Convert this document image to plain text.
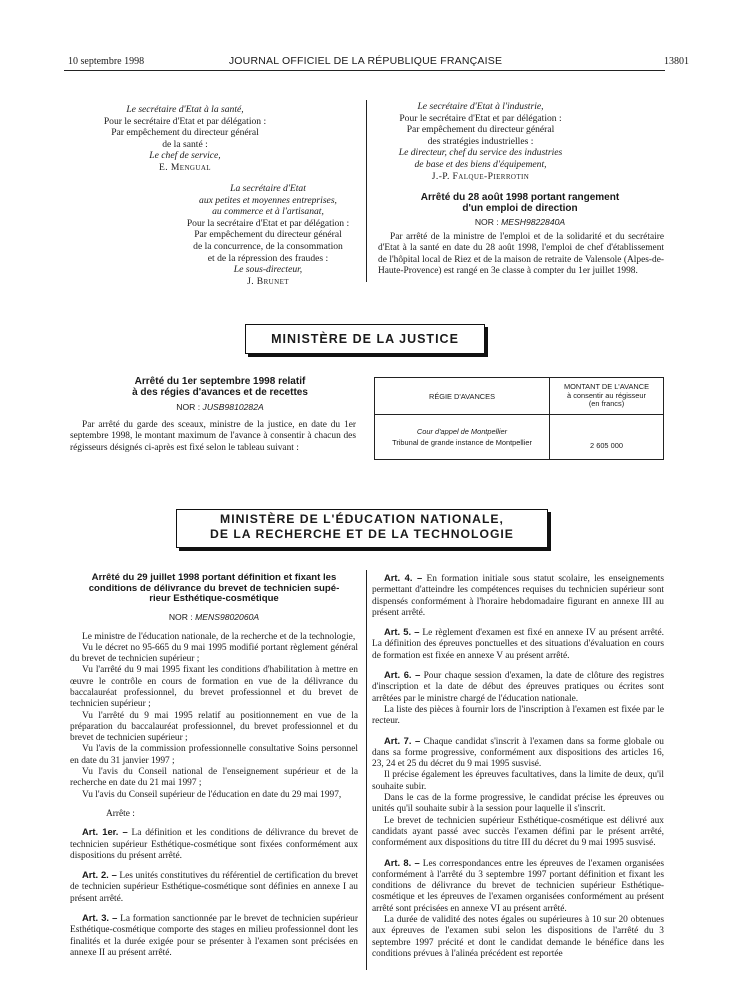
10 septembre 1998	JOURNAL OFFICIEL DE LA RÉPUBLIQUE FRANÇAISE	13801
Le secrétaire d'Etat à la santé,
Pour le secrétaire d'Etat et par délégation :
Par empêchement du directeur général
de la santé :
Le chef de service,
E. Mengual
La secrétaire d'Etat
aux petites et moyennes entreprises,
au commerce et à l'artisanat,
Pour la secrétaire d'Etat et par délégation :
Par empêchement du directeur général
de la concurrence, de la consommation
et de la répression des fraudes :
Le sous-directeur,
J. Brunet
Le secrétaire d'Etat à l'industrie,
Pour le secrétaire d'Etat et par délégation :
Par empêchement du directeur général
des stratégies industrielles :
Le directeur, chef du service des industries
de base et des biens d'équipement,
J.-P. Falque-Pierrotin
Arrêté du 28 août 1998 portant rangement
d'un emploi de direction
NOR : MESH9822840A

Par arrêté de la ministre de l'emploi et de la solidarité et du secrétaire d'Etat à la santé en date du 28 août 1998, l'emploi de chef d'établissement de l'hôpital local de Riez et de la maison de retraite de Valensole (Alpes-de-Haute-Provence) est rangé en 3e classe à compter du 1er juillet 1998.

MINISTÈRE DE LA JUSTICE
Arrêté du 1er septembre 1998 relatif
à des régies d'avances et de recettes
NOR : JUSB9810282A

Par arrêté du garde des sceaux, ministre de la justice, en date du 1er septembre 1998, le montant maximum de l'avance à consentir à chacun des régisseurs désignés ci-après est fixé selon le tableau suivant :

RÉGIE D'AVANCES	MONTANT DE L'AVANCE
à consentir au régisseur
(en francs)

Cour d'appel de Montpellier
Tribunal de grande instance de Montpellier	2 605 000
MINISTÈRE DE L'ÉDUCATION NATIONALE,
DE LA RECHERCHE ET DE LA TECHNOLOGIE
Arrêté du 29 juillet 1998 portant définition et fixant les
conditions de délivrance du brevet de technicien supé-
rieur Esthétique-cosmétique
NOR : MENS9802060A

Le ministre de l'éducation nationale, de la recherche et de la technologie,

Vu le décret no 95-665 du 9 mai 1995 modifié portant règlement général du brevet de technicien supérieur ;

Vu l'arrêté du 9 mai 1995 fixant les conditions d'habilitation à mettre en œuvre le contrôle en cours de formation en vue de la délivrance du baccalauréat professionnel, du brevet professionnel et du brevet de technicien supérieur ;

Vu l'arrêté du 9 mai 1995 relatif au positionnement en vue de la préparation du baccalauréat professionnel, du brevet professionnel et du brevet de technicien supérieur ;

Vu l'avis de la commission professionnelle consultative Soins personnel en date du 31 janvier 1997 ;

Vu l'avis du Conseil national de l'enseignement supérieur et de la recherche en date du 21 mai 1997 ;

Vu l'avis du Conseil supérieur de l'éducation en date du 29 mai 1997,

Arrête :

Art. 1er. – La définition et les conditions de délivrance du brevet de technicien supérieur Esthétique-cosmétique sont fixées conformément aux dispositions du présent arrêté.

Art. 2. – Les unités constitutives du référentiel de certification du brevet de technicien supérieur Esthétique-cosmétique sont définies en annexe I au présent arrêté.

Art. 3. – La formation sanctionnée par le brevet de technicien supérieur Esthétique-cosmétique comporte des stages en milieu professionnel dont les finalités et la durée exigée pour se présenter à l'examen sont précisées en annexe II au présent arrêté.

Art. 4. – En formation initiale sous statut scolaire, les enseignements permettant d'atteindre les compétences requises du technicien supérieur sont dispensés conformément à l'horaire hebdomadaire figurant en annexe III au présent arrêté.

Art. 5. – Le règlement d'examen est fixé en annexe IV au présent arrêté. La définition des épreuves ponctuelles et des situations d'évaluation en cours de formation est fixée en annexe V au présent arrêté.

Art. 6. – Pour chaque session d'examen, la date de clôture des registres d'inscription et la date de début des épreuves pratiques ou écrites sont arrêtées par le ministre chargé de l'éducation nationale.

La liste des pièces à fournir lors de l'inscription à l'examen est fixée par le recteur.

Art. 7. – Chaque candidat s'inscrit à l'examen dans sa forme globale ou dans sa forme progressive, conformément aux dispositions des articles 16, 23, 24 et 25 du décret du 9 mai 1995 susvisé.

Il précise également les épreuves facultatives, dans la limite de deux, qu'il souhaite subir.

Dans le cas de la forme progressive, le candidat précise les épreuves ou unités qu'il souhaite subir à la session pour laquelle il s'inscrit.

Le brevet de technicien supérieur Esthétique-cosmétique est délivré aux candidats ayant passé avec succès l'examen défini par le présent arrêté, conformément aux dispositions du titre III du décret du 9 mai 1995 susvisé.

Art. 8. – Les correspondances entre les épreuves de l'examen organisées conformément à l'arrêté du 3 septembre 1997 portant définition et fixant les conditions de délivrance du brevet de technicien supérieur Esthétique-cosmétique et les épreuves de l'examen organisées conformément au présent arrêté sont précisées en annexe VI au présent arrêté.

La durée de validité des notes égales ou supérieures à 10 sur 20 obtenues aux épreuves de l'examen subi selon les dispositions de l'arrêté du 3 septembre 1997 précité et dont le candidat demande le bénéfice dans les conditions prévues à l'alinéa précédent est reportée
